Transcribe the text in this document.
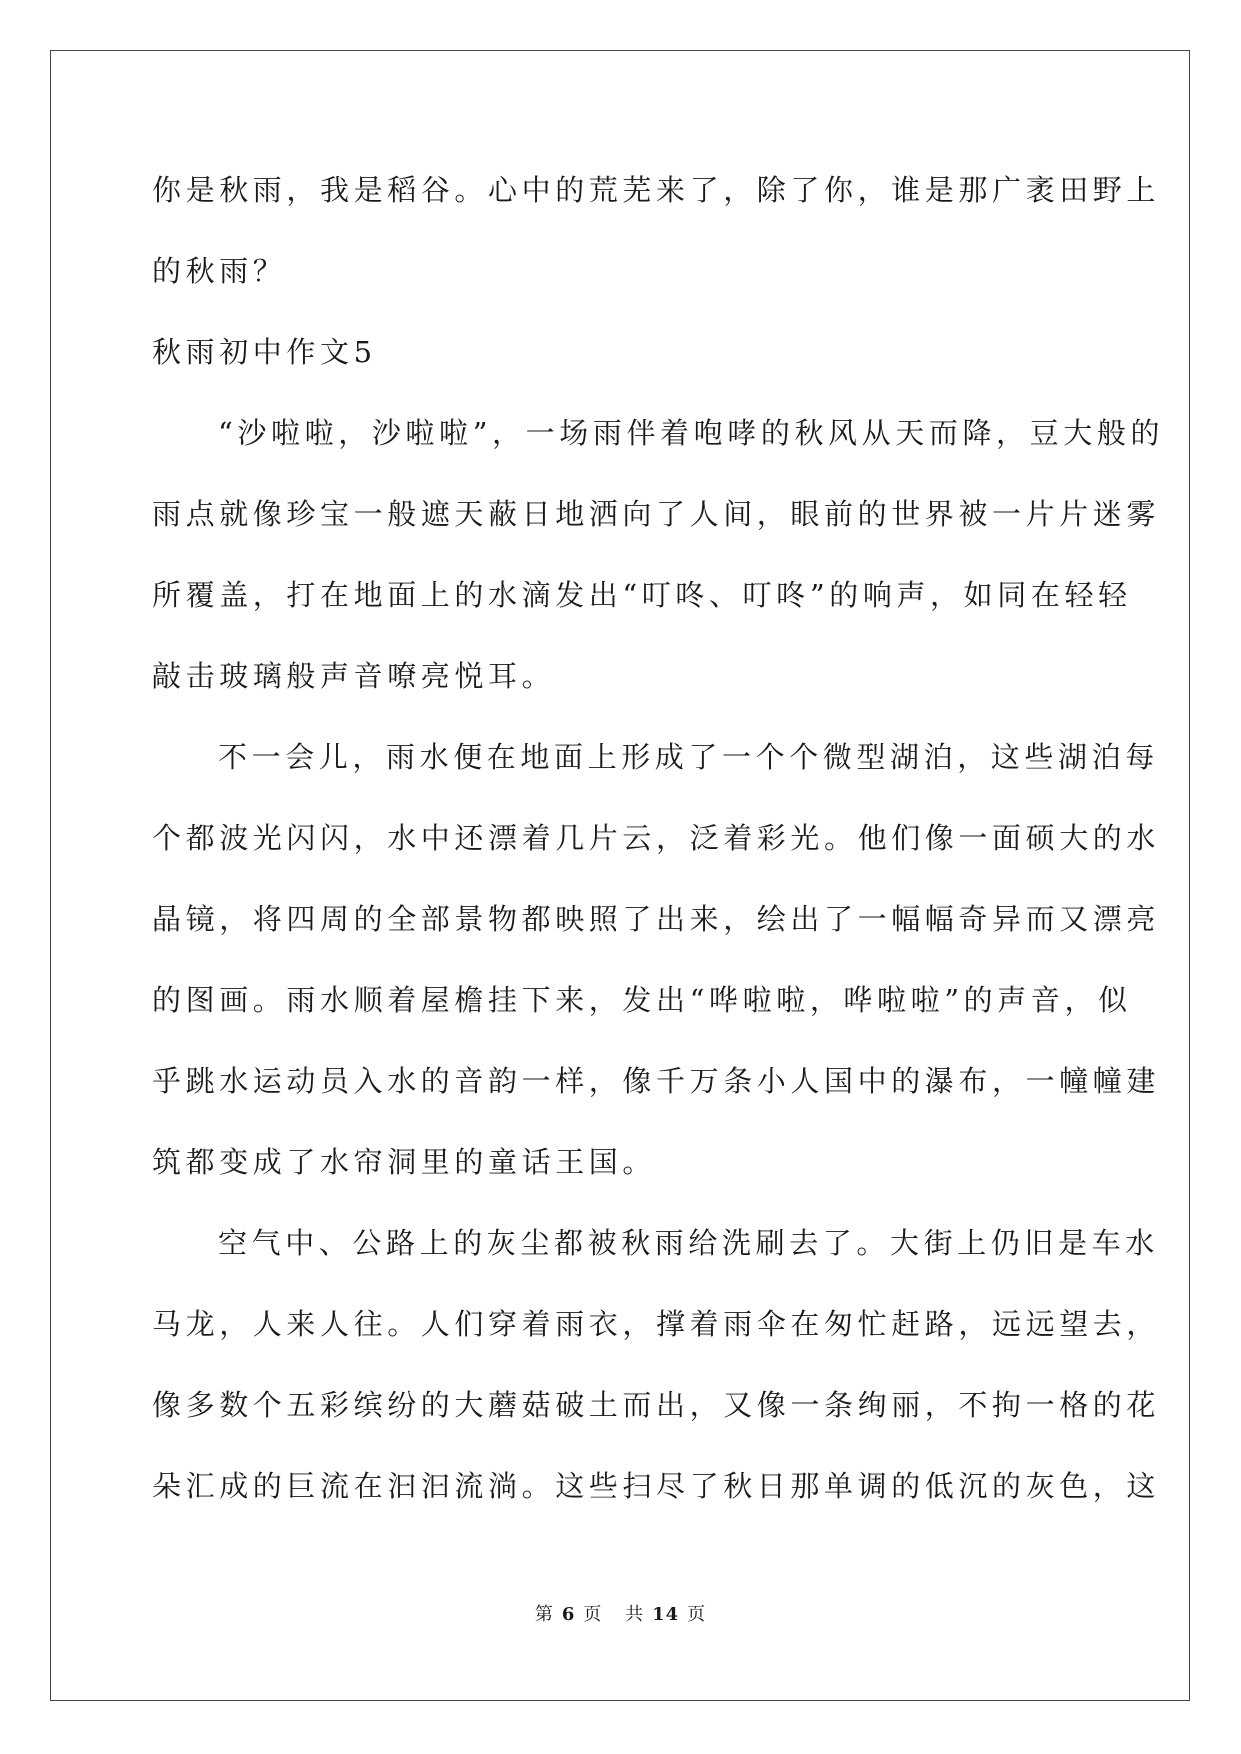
你是秋雨，我是稻谷。心中的荒芜来了，除了你，谁是那广袤田野上
的秋雨？
秋雨初中作文5
“沙啦啦，沙啦啦”，一场雨伴着咆哮的秋风从天而降，豆大般的
雨点就像珍宝一般遮天蔽日地洒向了人间，眼前的世界被一片片迷雾
所覆盖，打在地面上的水滴发出“叮咚、叮咚”的响声，如同在轻轻
敲击玻璃般声音嘹亮悦耳。
不一会儿，雨水便在地面上形成了一个个微型湖泊，这些湖泊每
个都波光闪闪，水中还漂着几片云，泛着彩光。他们像一面硕大的水
晶镜，将四周的全部景物都映照了出来，绘出了一幅幅奇异而又漂亮
的图画。雨水顺着屋檐挂下来，发出“哗啦啦，哗啦啦”的声音，似
乎跳水运动员入水的音韵一样，像千万条小人国中的瀑布，一幢幢建
筑都变成了水帘洞里的童话王国。
空气中、公路上的灰尘都被秋雨给洗刷去了。大街上仍旧是车水
马龙，人来人往。人们穿着雨衣，撑着雨伞在匆忙赶路，远远望去，
像多数个五彩缤纷的大蘑菇破土而出，又像一条绚丽，不拘一格的花
朵汇成的巨流在汩汩流淌。这些扫尽了秋日那单调的低沉的灰色，这
第 6 页 共 14 页
